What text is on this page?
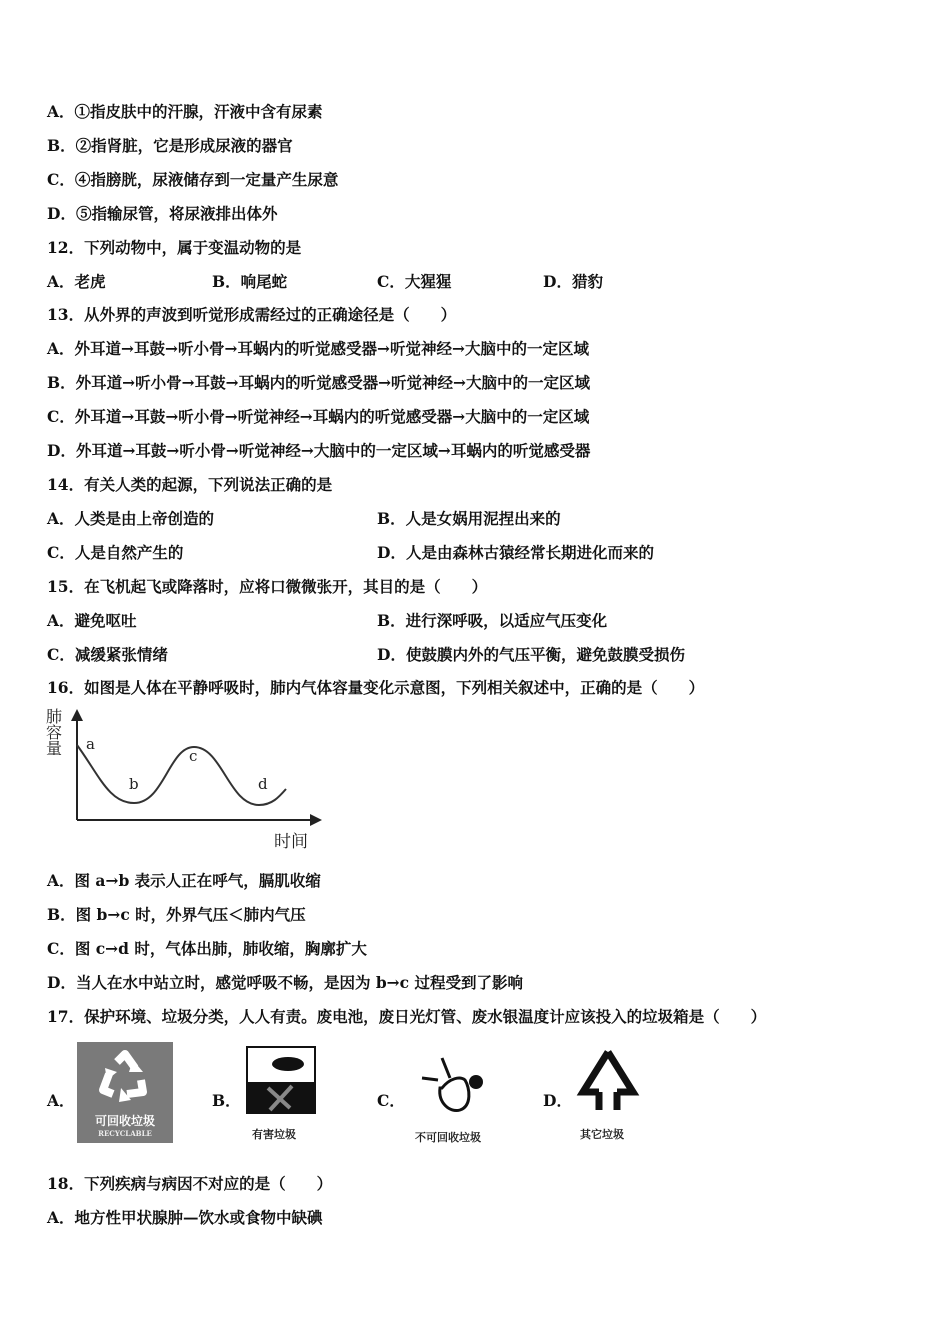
A．①指皮肤中的汗腺，汗液中含有尿素
B．②指肾脏，它是形成尿液的器官
C．④指膀胱，尿液储存到一定量产生尿意
D．⑤指输尿管，将尿液排出体外
12．下列动物中，属于变温动物的是
A．老虎	B．响尾蛇	C．大猩猩	D．猎豹
13．从外界的声波到听觉形成需经过的正确途径是（　　）
A．外耳道→耳鼓→听小骨→耳蜗内的听觉感受器→听觉神经→大脑中的一定区域
B．外耳道→听小骨→耳鼓→耳蜗内的听觉感受器→听觉神经→大脑中的一定区域
C．外耳道→耳鼓→听小骨→听觉神经→耳蜗内的听觉感受器→大脑中的一定区域
D．外耳道→耳鼓→听小骨→听觉神经→大脑中的一定区域→耳蜗内的听觉感受器
14．有关人类的起源，下列说法正确的是
A．人类是由上帝创造的	B．人是女娲用泥捏出来的
C．人是自然产生的	D．人是由森林古猿经常长期进化而来的
15．在飞机起飞或降落时，应将口微微张开，其目的是（　　）
A．避免呕吐	B．进行深呼吸，以适应气压变化
C．减缓紧张情绪	D．使鼓膜内外的气压平衡，避免鼓膜受损伤
16．如图是人体在平静呼吸时，肺内气体容量变化示意图，下列相关叙述中，正确的是（　　）
肺容量
时间
a
b
c
d
A．图 a→b 表示人正在呼气，膈肌收缩
B．图 b→c 时，外界气压＜肺内气压
C．图 c→d 时，气体出肺，肺收缩，胸廓扩大
D．当人在水中站立时，感觉呼吸不畅，是因为 b→c 过程受到了影响
17．保护环境、垃圾分类，人人有责。废电池，废日光灯管、废水银温度计应该投入的垃圾箱是（　　）
A．
可回收垃圾
RECYCLABLE
B．
有害垃圾
C．
不可回收垃圾
D．
其它垃圾
18．下列疾病与病因不对应的是（　　）
A．地方性甲状腺肿—饮水或食物中缺碘
